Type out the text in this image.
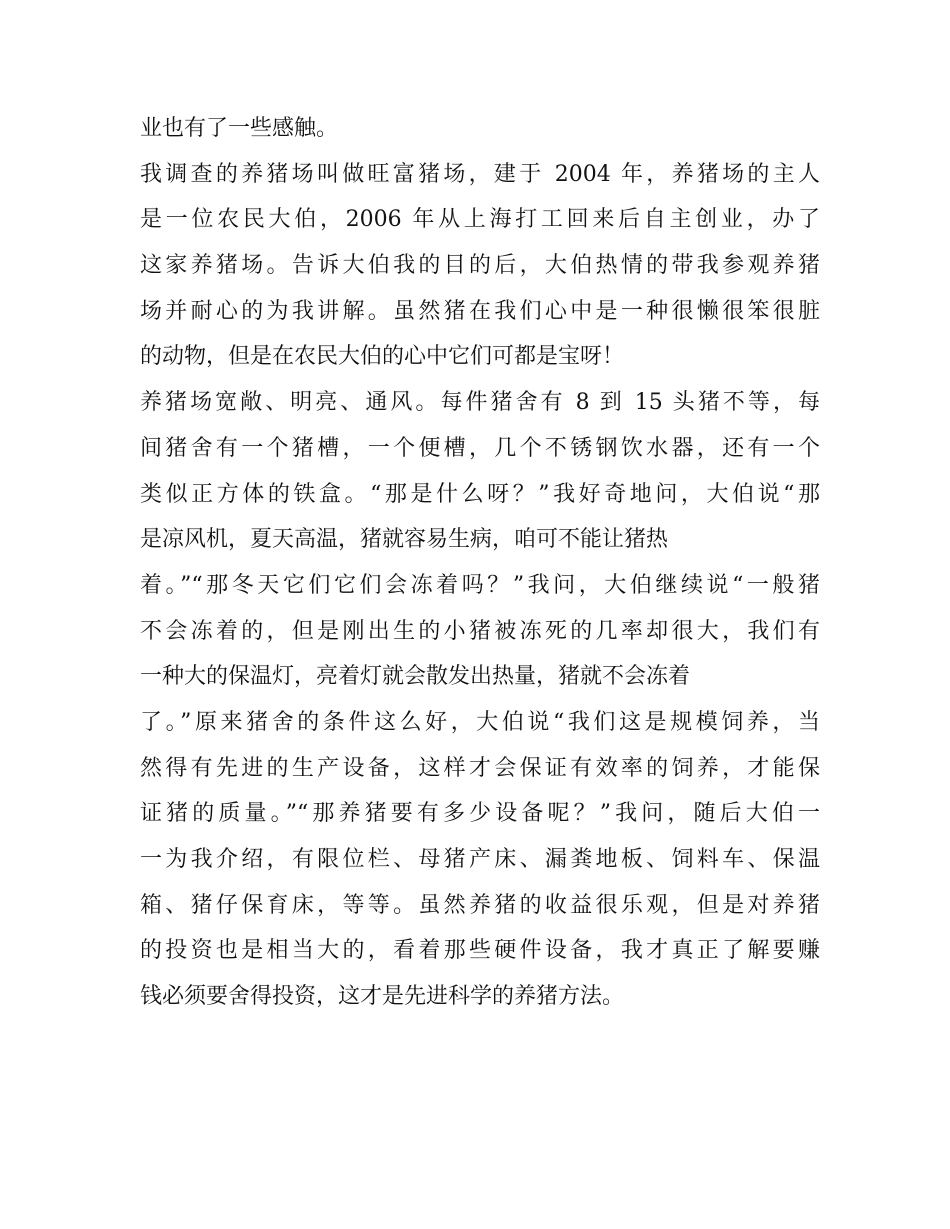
业也有了一些感触。
我调查的养猪场叫做旺富猪场，建于 2004 年，养猪场的主人
是一位农民大伯，2006 年从上海打工回来后自主创业，办了
这家养猪场。告诉大伯我的目的后，大伯热情的带我参观养猪
场并耐心的为我讲解。虽然猪在我们心中是一种很懒很笨很脏
的动物，但是在农民大伯的心中它们可都是宝呀！
养猪场宽敞、明亮、通风。每件猪舍有 8 到 15 头猪不等，每
间猪舍有一个猪槽，一个便槽，几个不锈钢饮水器，还有一个
类似正方体的铁盒。“那是什么呀？”我好奇地问，大伯说“那
是凉风机，夏天高温，猪就容易生病，咱可不能让猪热
着。”“那冬天它们它们会冻着吗？”我问，大伯继续说“一般猪
不会冻着的，但是刚出生的小猪被冻死的几率却很大，我们有
一种大的保温灯，亮着灯就会散发出热量，猪就不会冻着
了。”原来猪舍的条件这么好，大伯说“我们这是规模饲养，当
然得有先进的生产设备，这样才会保证有效率的饲养，才能保
证猪的质量。”“那养猪要有多少设备呢？”我问，随后大伯一
一为我介绍，有限位栏、母猪产床、漏粪地板、饲料车、保温
箱、猪仔保育床，等等。虽然养猪的收益很乐观，但是对养猪
的投资也是相当大的，看着那些硬件设备，我才真正了解要赚
钱必须要舍得投资，这才是先进科学的养猪方法。
